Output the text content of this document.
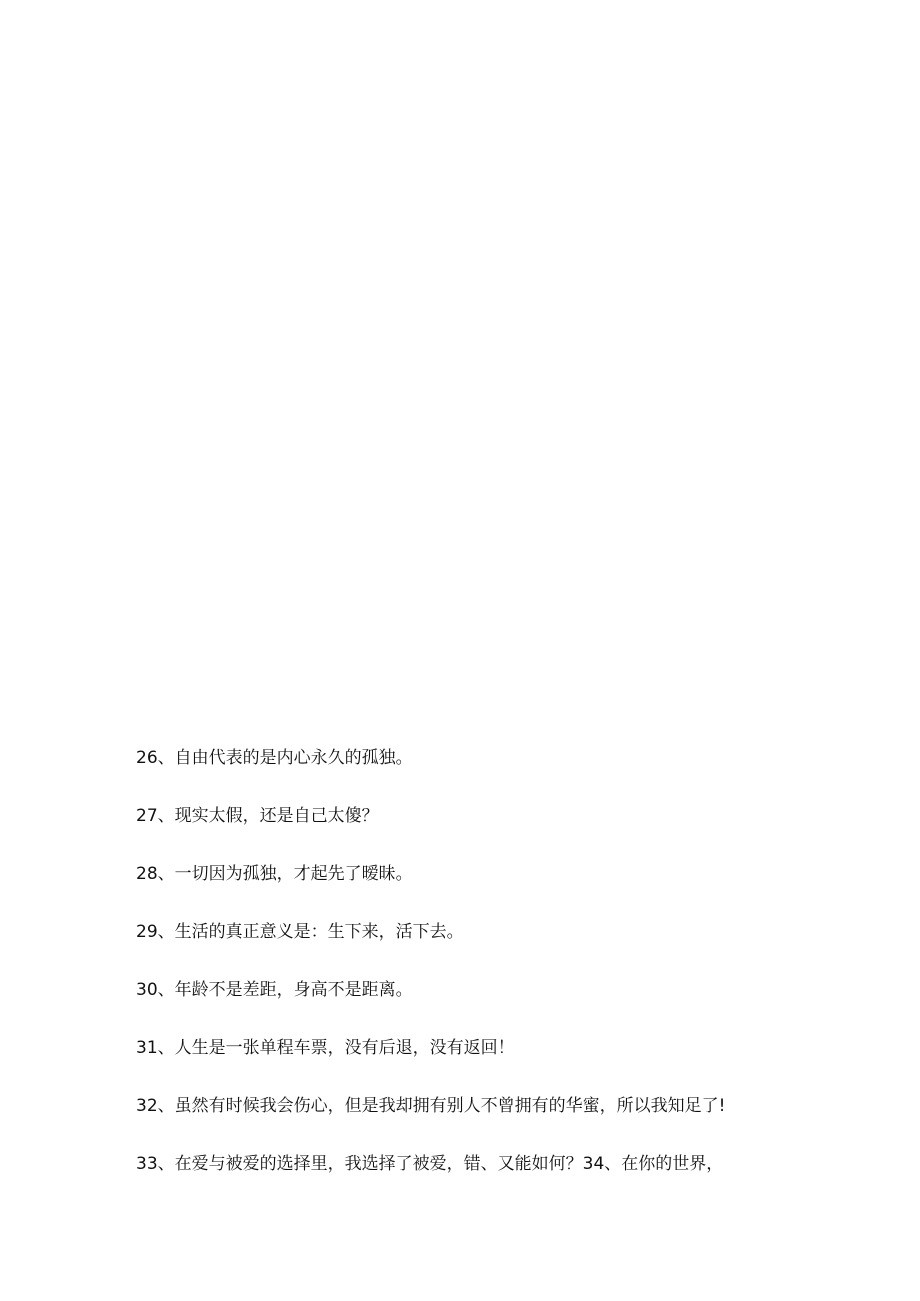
26、自由代表的是内心永久的孤独。
27、现实太假，还是自己太傻？
28、一切因为孤独，才起先了暧昧。
29、生活的真正意义是：生下来，活下去。
30、年龄不是差距，身高不是距离。
31、人生是一张单程车票，没有后退，没有返回！
32、虽然有时候我会伤心，但是我却拥有别人不曾拥有的华蜜，所以我知足了!
33、在爱与被爱的选择里，我选择了被爱，错、又能如何？34、在你的世界，
